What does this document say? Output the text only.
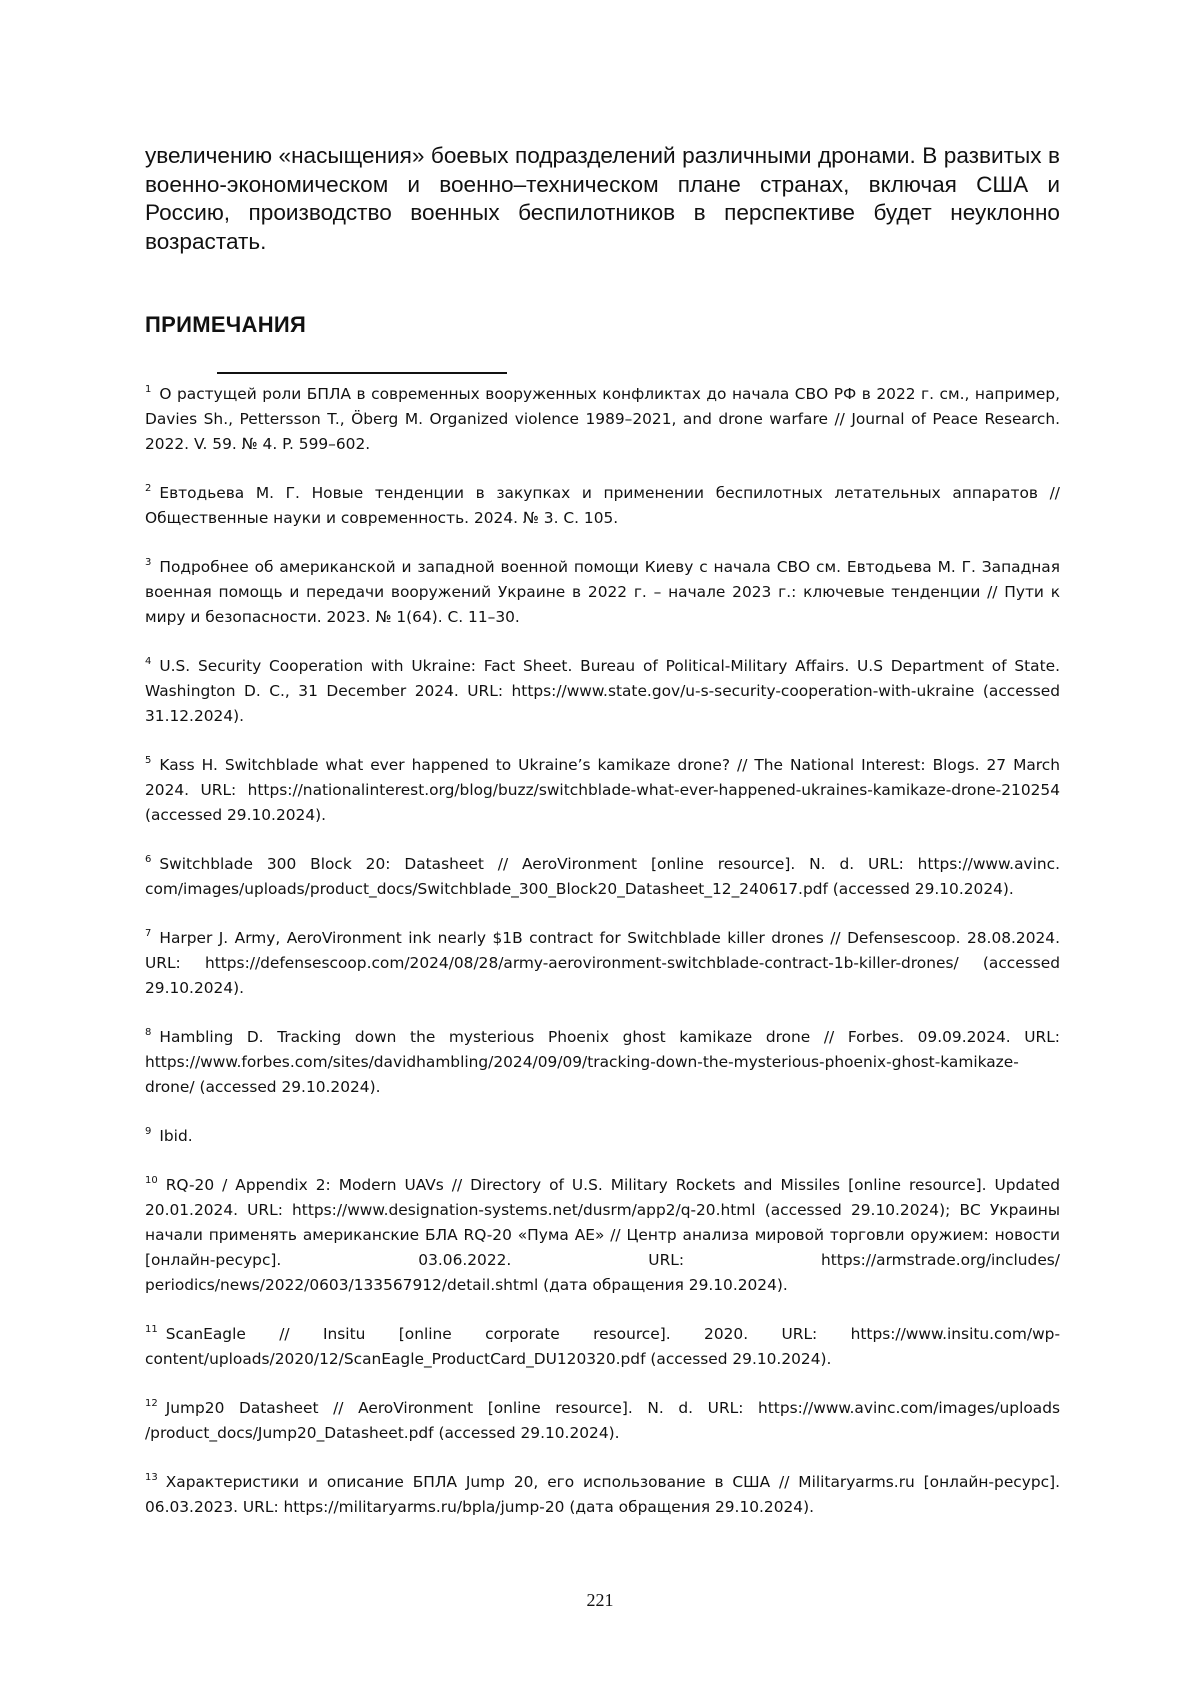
увеличению «насыщения» боевых подразделений различными дронами. В развитых в военно-экономическом и военно–техническом плане странах, включая США и Россию, производство военных беспилотников в перспективе будет неуклонно возрастать.

ПРИМЕЧАНИЯ

$^1$ О растущей роли БПЛА в современных вооруженных конфликтах до начала СВО РФ в 2022 г. см., например, Davies Sh., Pettersson T., Öberg M. Organized violence 1989–2021, and drone warfare // Journal of Peace Research. 2022. V. 59. № 4. P. 599–602.

$^2$ Евтодьева М. Г. Новые тенденции в закупках и применении беспилотных летательных аппаратов // Общественные науки и современность. 2024. № 3. С. 105.

$^3$ Подробнее об американской и западной военной помощи Киеву с начала СВО см. Евтодьева М. Г. Западная военная помощь и передачи вооружений Украине в 2022 г. – начале 2023 г.: ключевые тенденции // Пути к миру и безопасности. 2023. № 1(64). С. 11–30.

$^4$ U.S. Security Cooperation with Ukraine: Fact Sheet. Bureau of Political-Military Affairs. U.S Department of State. Washington D. C., 31 December 2024. URL: https://www.state.gov/u-s-security-cooperation-with-ukraine (accessed 31.12.2024).

$^5$ Kass H. Switchblade what ever happened to Ukraine’s kamikaze drone? // The National Interest: Blogs. 27 March 2024. URL: https://nationalinterest.org/blog/buzz/switchblade-what-ever-happened-ukraines-kamikaze-drone-210254 (accessed 29.10.2024).

$^6$ Switchblade 300 Block 20: Datasheet // AeroVironment [online resource]. N. d. URL: https://www.avinc. com/images/uploads/product_docs/Switchblade_300_Block20_Datasheet_12_240617.pdf (accessed 29.10.2024).

$^7$ Harper J. Army, AeroVironment ink nearly $1B contract for Switchblade killer drones // Defensescoop. 28.08.2024. URL: https://defensescoop.com/2024/08/28/army-aerovironment-switchblade-contract-1b-killer-drones/ (accessed 29.10.2024).

$^8$ Hambling D. Tracking down the mysterious Phoenix ghost kamikaze drone // Forbes. 09.09.2024. URL: https://www.forbes.com/sites/davidhambling/2024/09/09/tracking-down-the-mysterious-phoenix-ghost-kamikaze-drone/ (accessed 29.10.2024).

$^9$ Ibid.

$^{10}$ RQ-20 / Appendix 2: Modern UAVs // Directory of U.S. Military Rockets and Missiles [online resource]. Updated 20.01.2024. URL: https://www.designation-systems.net/dusrm/app2/q-20.html (accessed 29.10.2024); ВС Украины начали применять американские БЛА RQ-20 «Пума АЕ» // Центр анализа мировой торговли оружием: новости [онлайн-ресурс]. 03.06.2022. URL: https://armstrade.org/includes/ periodics/news/2022/0603/133567912/detail.shtml (дата обращения 29.10.2024).

$^{11}$ ScanEagle // Insitu [online corporate resource]. 2020. URL: https://www.insitu.com/wp-content/uploads/2020/12/ScanEagle_ProductCard_DU120320.pdf (accessed 29.10.2024).

$^{12}$ Jump20 Datasheet // AeroVironment [online resource]. N. d. URL: https://www.avinc.com/images/uploads /product_docs/Jump20_Datasheet.pdf (accessed 29.10.2024).

$^{13}$ Характеристики и описание БПЛА Jump 20, его использование в США // Militaryarms.ru [онлайн-ресурс]. 06.03.2023. URL: https://militaryarms.ru/bpla/jump-20 (дата обращения 29.10.2024).

221
